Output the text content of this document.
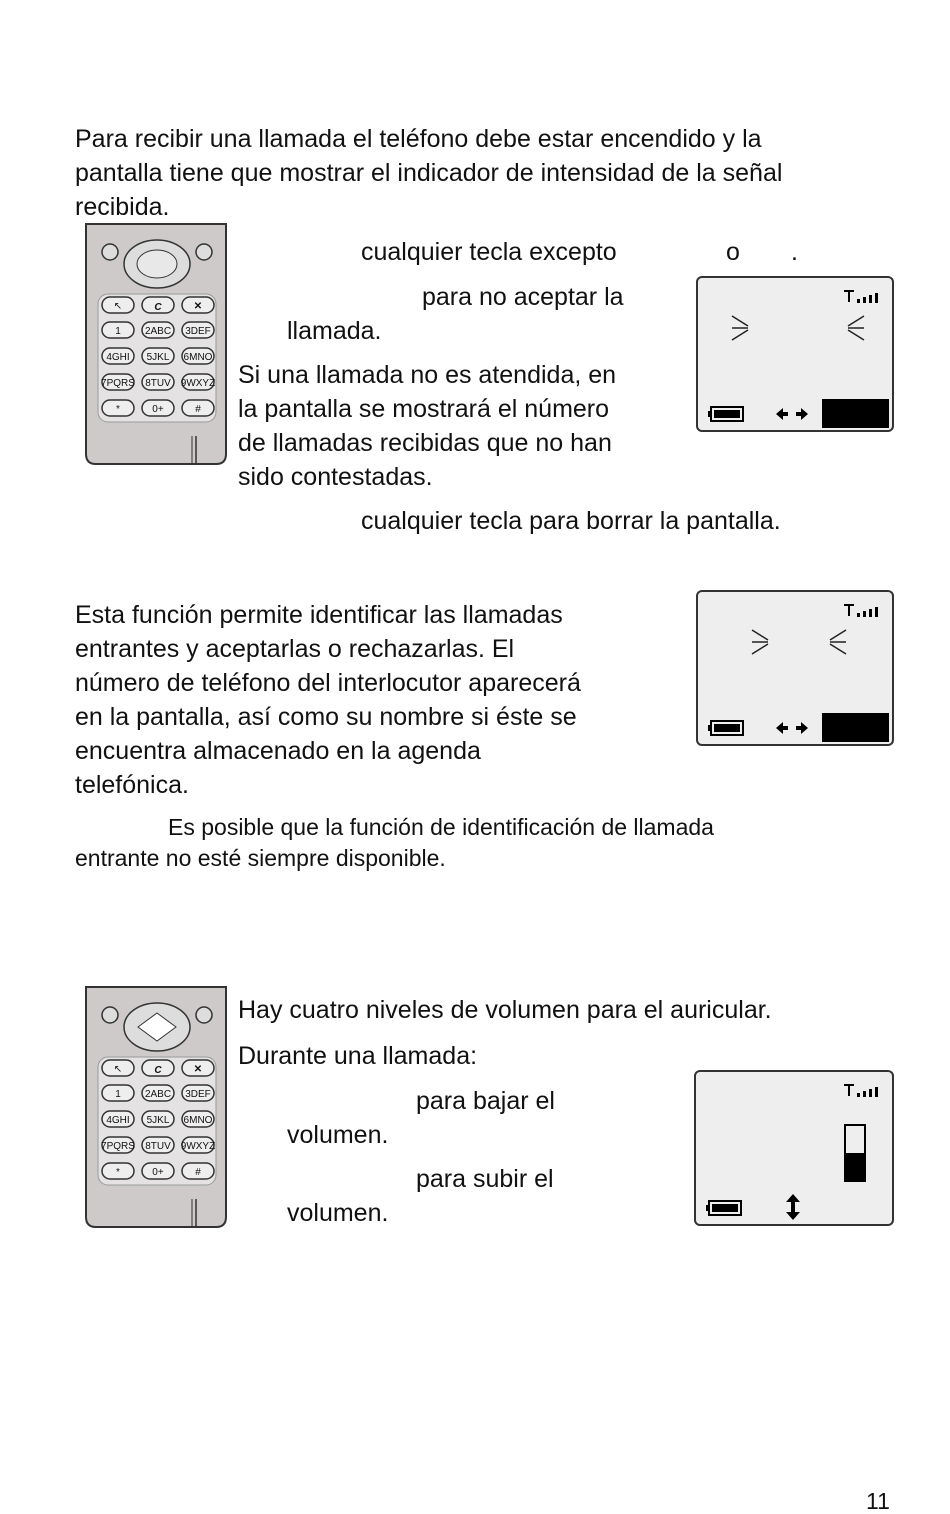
Para recibir una llamada el teléfono debe estar encendido y la
pantalla tiene que mostrar el indicador de intensidad de la señal
recibida.
↖	C	✕
1 2ABC 3DEF
4GHI 5JKL 6MNO
7PQRS 8TUV 9WXYZ
*	0+	#
cualquier tecla excepto	o .
para no aceptar la
llamada.
Si una llamada no es atendida, en
la pantalla se mostrará el número
de llamadas recibidas que no han
sido contestadas.
cualquier tecla para borrar la pantalla.
Esta función permite identificar las llamadas
entrantes y aceptarlas o rechazarlas. El
número de teléfono del interlocutor aparecerá
en la pantalla, así como su nombre si éste se
encuentra almacenado en la agenda
telefónica.
Es posible que la función de identificación de llamada
entrante no esté siempre disponible.
↖	C	✕
1 2ABC 3DEF
4GHI 5JKL 6MNO
7PQRS 8TUV 9WXYZ
*	0+	#
Hay cuatro niveles de volumen para el auricular.
Durante una llamada:
para bajar el
volumen.
para subir el
volumen.
11
